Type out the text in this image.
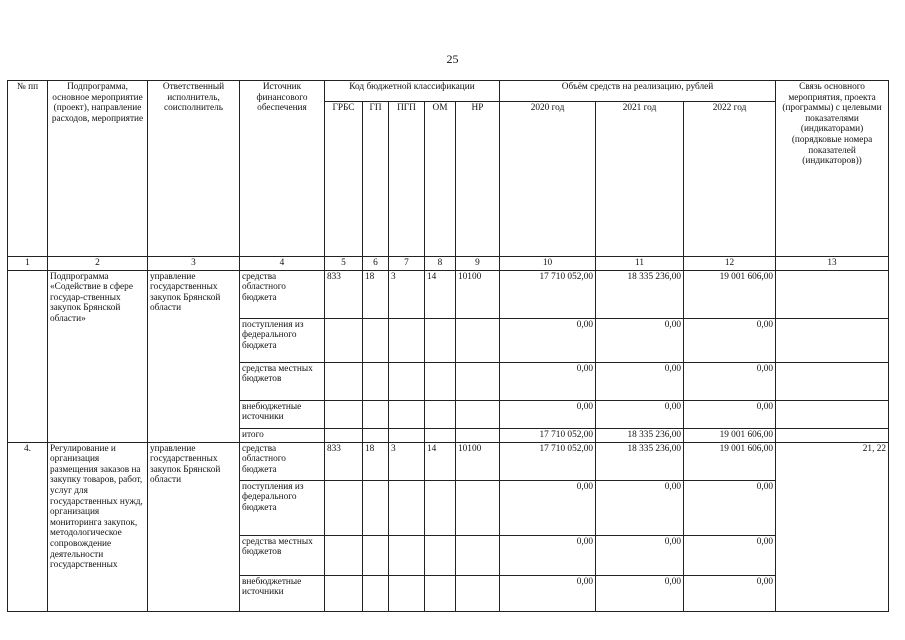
25
№ пп	Подпрограмма, основное мероприятие (проект), направление расходов, мероприятие	Ответственный исполнитель, соисполнитель	Источник финансового обеспечения	Код бюджетной классификации					Объём средств на реализацию, рублей			Связь основного мероприятия, проекта (программы) с целевыми показателями (индикаторами) (порядковые номера показателей (индикаторов))
				ГРБС	ГП	ПГП	ОМ	НР	2020 год	2021 год	2022 год	
1	2	3	4	5	6	7	8	9	10	11	12	13
	Подпрограмма «Содействие в сфере государ-ственных закупок Брянской области»	управление государственных закупок Брянской области	средства областного бюджета	833	18	3	14	10100	17 710 052,00	18 335 236,00	19 001 606,00	
			поступления из федерального бюджета						0,00	0,00	0,00	
			средства местных бюджетов						0,00	0,00	0,00	
			внебюджетные источники						0,00	0,00	0,00	
			итого						17 710 052,00	18 335 236,00	19 001 606,00	
4.	Регулирование и организация размещения заказов на закупку товаров, работ, услуг для государственных нужд, организация мониторинга закупок, методологическое сопровождение деятельности государственных	управление государственных закупок Брянской области	средства областного бюджета	833	18	3	14	10100	17 710 052,00	18 335 236,00	19 001 606,00	21, 22
			поступления из федерального бюджета						0,00	0,00	0,00	
			средства местных бюджетов						0,00	0,00	0,00	
			внебюджетные источники						0,00	0,00	0,00	
